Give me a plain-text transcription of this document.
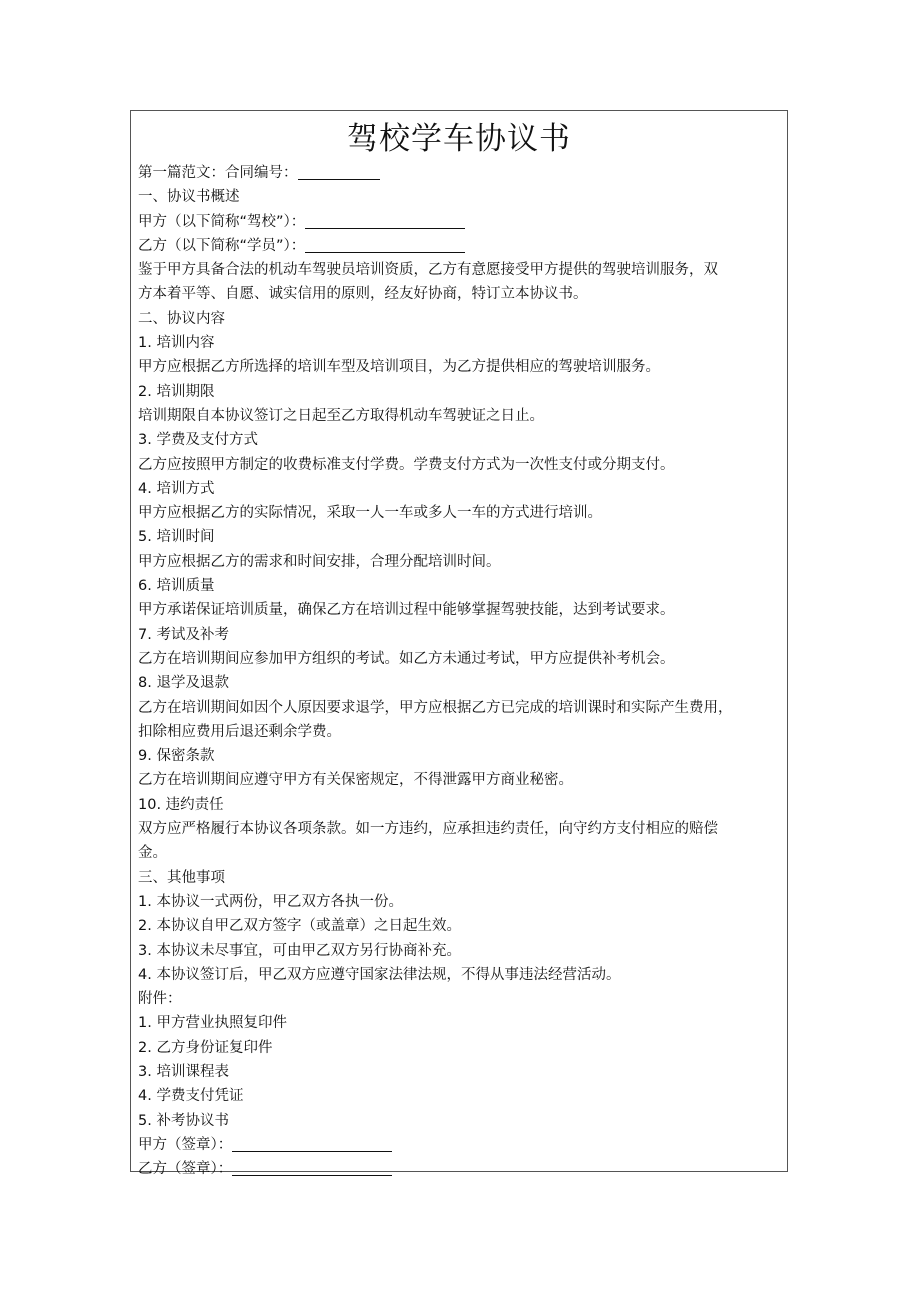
驾校学车协议书
第一篇范文：合同编号：
一、协议书概述
甲方（以下简称“驾校”）：
乙方（以下简称“学员”）：
鉴于甲方具备合法的机动车驾驶员培训资质，乙方有意愿接受甲方提供的驾驶培训服务，双
方本着平等、自愿、诚实信用的原则，经友好协商，特订立本协议书。
二、协议内容
1. 培训内容
甲方应根据乙方所选择的培训车型及培训项目，为乙方提供相应的驾驶培训服务。
2. 培训期限
培训期限自本协议签订之日起至乙方取得机动车驾驶证之日止。
3. 学费及支付方式
乙方应按照甲方制定的收费标准支付学费。学费支付方式为一次性支付或分期支付。
4. 培训方式
甲方应根据乙方的实际情况，采取一人一车或多人一车的方式进行培训。
5. 培训时间
甲方应根据乙方的需求和时间安排，合理分配培训时间。
6. 培训质量
甲方承诺保证培训质量，确保乙方在培训过程中能够掌握驾驶技能，达到考试要求。
7. 考试及补考
乙方在培训期间应参加甲方组织的考试。如乙方未通过考试，甲方应提供补考机会。
8. 退学及退款
乙方在培训期间如因个人原因要求退学，甲方应根据乙方已完成的培训课时和实际产生费用，
扣除相应费用后退还剩余学费。
9. 保密条款
乙方在培训期间应遵守甲方有关保密规定，不得泄露甲方商业秘密。
10. 违约责任
双方应严格履行本协议各项条款。如一方违约，应承担违约责任，向守约方支付相应的赔偿
金。
三、其他事项
1. 本协议一式两份，甲乙双方各执一份。
2. 本协议自甲乙双方签字（或盖章）之日起生效。
3. 本协议未尽事宜，可由甲乙双方另行协商补充。
4. 本协议签订后，甲乙双方应遵守国家法律法规，不得从事违法经营活动。
附件：
1. 甲方营业执照复印件
2. 乙方身份证复印件
3. 培训课程表
4. 学费支付凭证
5. 补考协议书
甲方（签章）：
乙方（签章）：
